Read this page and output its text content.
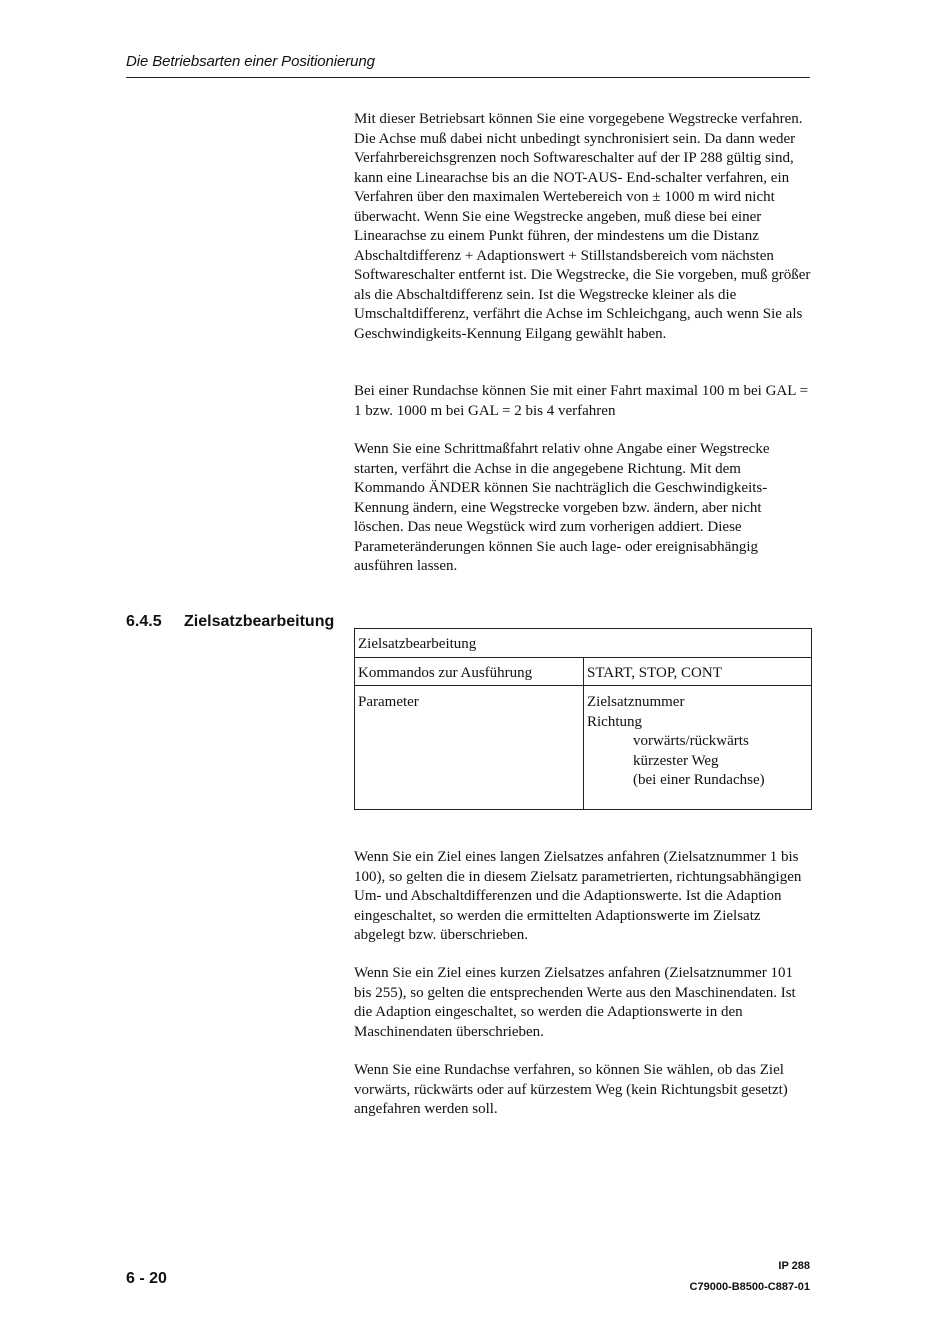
Die Betriebsarten einer Positionierung

Mit dieser Betriebsart können Sie eine vorgegebene Wegstrecke verfahren. Die Achse muß dabei nicht unbedingt synchronisiert sein. Da dann weder Verfahrbereichsgrenzen noch Softwareschalter auf der IP 288 gültig sind, kann eine Linearachse bis an die NOT-AUS- End-schalter verfahren, ein Verfahren über den maximalen Wertebereich von ± 1000 m wird nicht überwacht. Wenn Sie eine Wegstrecke angeben, muß diese bei einer Linearachse zu einem Punkt führen, der mindestens um die Distanz Abschaltdifferenz + Adaptionswert + Stillstandsbereich vom nächsten Softwareschalter entfernt ist. Die Wegstrecke, die Sie vorgeben, muß größer als die Abschaltdifferenz sein. Ist die Wegstrecke kleiner als die Umschaltdifferenz, verfährt die Achse im Schleichgang, auch wenn Sie als Geschwindigkeits-Kennung Eilgang gewählt haben.

Bei einer Rundachse können Sie mit einer Fahrt maximal 100 m bei GAL = 1 bzw. 1000 m bei GAL = 2 bis 4 verfahren

Wenn Sie eine Schrittmaßfahrt relativ ohne Angabe einer Wegstrecke starten, verfährt die Achse in die angegebene Richtung. Mit dem Kommando ÄNDER können Sie nachträglich die Geschwindigkeits-Kennung ändern, eine Wegstrecke vorgeben bzw. ändern, aber nicht löschen. Das neue Wegstück wird zum vorherigen addiert. Diese Parameteränderungen können Sie auch lage- oder ereignisabhängig ausführen lassen.

6.4.5 Zielsatzbearbeitung
Zielsatzbearbeitung	
Kommandos zur Ausführung	START, STOP, CONT
Parameter	Zielsatznummer
Richtung
vorwärts/rückwärts
kürzester Weg
(bei einer Rundachse)

Wenn Sie ein Ziel eines langen Zielsatzes anfahren (Zielsatznummer 1 bis 100), so gelten die in diesem Zielsatz parametrierten, richtungsabhängigen Um- und Abschaltdifferenzen und die Adaptionswerte. Ist die Adaption eingeschaltet, so werden die ermittelten Adaptionswerte im Zielsatz abgelegt bzw. überschrieben.

Wenn Sie ein Ziel eines kurzen Zielsatzes anfahren (Zielsatznummer 101 bis 255), so gelten die entsprechenden Werte aus den Maschinendaten. Ist die Adaption eingeschaltet, so werden die Adaptionswerte in den Maschinendaten überschrieben.

Wenn Sie eine Rundachse verfahren, so können Sie wählen, ob das Ziel vorwärts, rückwärts oder auf kürzestem Weg (kein Richtungsbit gesetzt) angefahren werden soll.

6 - 20
IP 288
C79000-B8500-C887-01
